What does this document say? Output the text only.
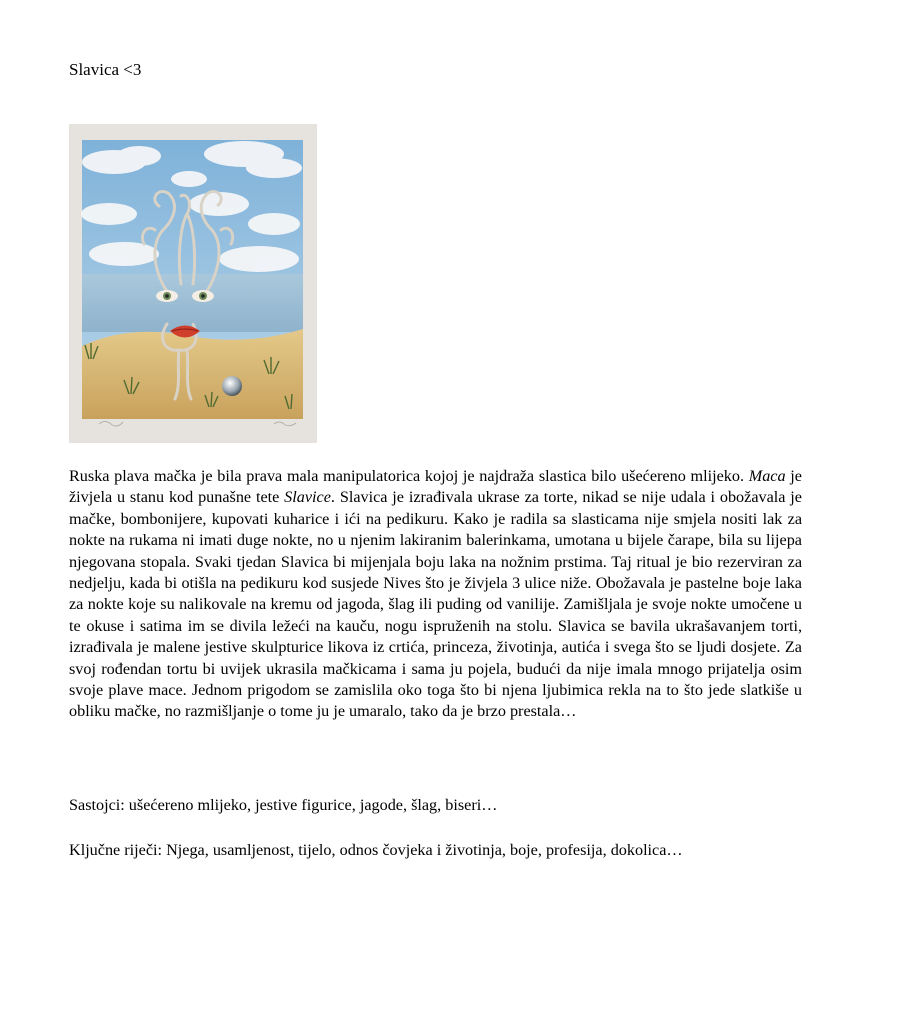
Slavica <3

Ruska plava mačka je bila prava mala manipulatorica kojoj je najdraža slastica bilo ušećereno mlijeko. Maca je živjela u stanu kod punašne tete Slavice. Slavica je izrađivala ukrase za torte, nikad se nije udala i obožavala je mačke, bombonijere, kupovati kuharice i ići na pedikuru. Kako je radila sa slasticama nije smjela nositi lak za nokte na rukama ni imati duge nokte, no u njenim lakiranim balerinkama, umotana u bijele čarape, bila su lijepa njegovana stopala. Svaki tjedan Slavica bi mijenjala boju laka na nožnim prstima. Taj ritual je bio rezerviran za nedjelju, kada bi otišla na pedikuru kod susjede Nives što je živjela 3 ulice niže. Obožavala je pastelne boje laka za nokte koje su nalikovale na kremu od jagoda, šlag ili puding od vanilije. Zamišljala je svoje nokte umočene u te okuse i satima im se divila ležeći na kauču, nogu ispruženih na stolu. Slavica se bavila ukrašavanjem torti, izrađivala je malene jestive skulpturice likova iz crtića, princeza, životinja, autića i svega što se ljudi dosjete. Za svoj rođendan tortu bi uvijek ukrasila mačkicama i sama ju pojela, budući da nije imala mnogo prijatelja osim svoje plave mace. Jednom prigodom se zamislila oko toga što bi njena ljubimica rekla na to što jede slatkiše u obliku mačke, no razmišljanje o tome ju je umaralo, tako da je brzo prestala…

Sastojci: ušećereno mlijeko, jestive figurice, jagode, šlag, biseri…

Ključne riječi: Njega, usamljenost, tijelo, odnos čovjeka i životinja, boje, profesija, dokolica…
